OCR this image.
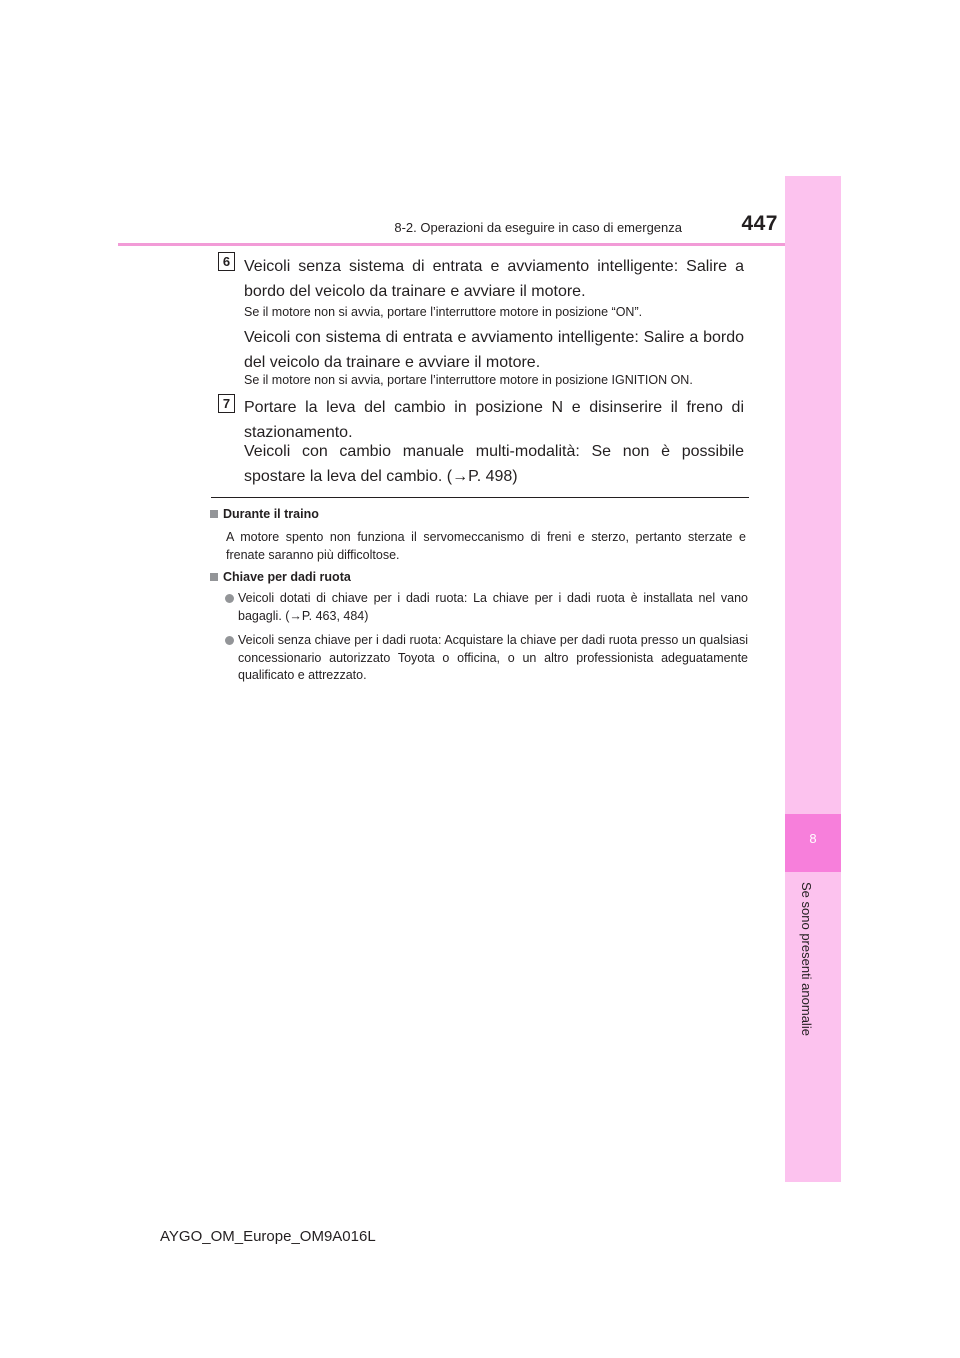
8-2. Operazioni da eseguire in caso di emergenza	447
8
Se sono presenti anomalie
6 Veicoli senza sistema di entrata e avviamento intelligente: Salire a bordo del veicolo da trainare e avviare il motore.
Se il motore non si avvia, portare l’interruttore motore in posizione “ON”.
Veicoli con sistema di entrata e avviamento intelligente: Salire a bordo del veicolo da trainare e avviare il motore.
Se il motore non si avvia, portare l’interruttore motore in posizione IGNITION ON.
7 Portare la leva del cambio in posizione N e disinserire il freno di stazionamento.
Veicoli con cambio manuale multi-modalità: Se non è possibile spostare la leva del cambio. (→P. 498)
Durante il traino
A motore spento non funziona il servomeccanismo di freni e sterzo, pertanto sterzate e frenate saranno più difficoltose.
Chiave per dadi ruota
Veicoli dotati di chiave per i dadi ruota: La chiave per i dadi ruota è installata nel vano bagagli. (→P. 463, 484)
Veicoli senza chiave per i dadi ruota: Acquistare la chiave per dadi ruota presso un qualsiasi concessionario autorizzato Toyota o officina, o un altro professionista adeguatamente qualificato e attrezzato.
AYGO_OM_Europe_OM9A016L
